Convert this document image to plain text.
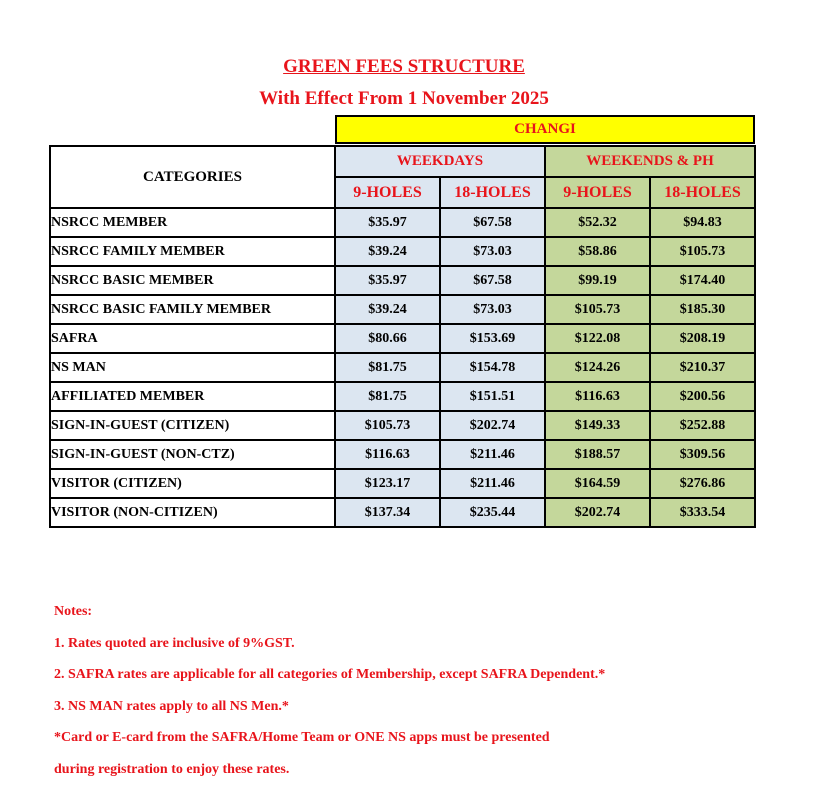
GREEN FEES STRUCTURE
With Effect From 1 November 2025
CHANGI
CATEGORIES	WEEKDAYS		WEEKENDS & PH	
	9-HOLES	18-HOLES	9-HOLES	18-HOLES
NSRCC MEMBER	$35.97	$67.58	$52.32	$94.83
NSRCC FAMILY MEMBER	$39.24	$73.03	$58.86	$105.73
NSRCC BASIC MEMBER	$35.97	$67.58	$99.19	$174.40
NSRCC BASIC FAMILY MEMBER	$39.24	$73.03	$105.73	$185.30
SAFRA	$80.66	$153.69	$122.08	$208.19
NS MAN	$81.75	$154.78	$124.26	$210.37
AFFILIATED MEMBER	$81.75	$151.51	$116.63	$200.56
SIGN-IN-GUEST (CITIZEN)	$105.73	$202.74	$149.33	$252.88
SIGN-IN-GUEST (NON-CTZ)	$116.63	$211.46	$188.57	$309.56
VISITOR (CITIZEN)	$123.17	$211.46	$164.59	$276.86
VISITOR (NON-CITIZEN)	$137.34	$235.44	$202.74	$333.54
Notes:
1. Rates quoted are inclusive of 9%GST.
2. SAFRA rates are applicable for all categories of Membership, except SAFRA Dependent.*
3. NS MAN rates apply to all NS Men.*
*Card or E-card from the SAFRA/Home Team or ONE NS apps must be presented
during registration to enjoy these rates.
